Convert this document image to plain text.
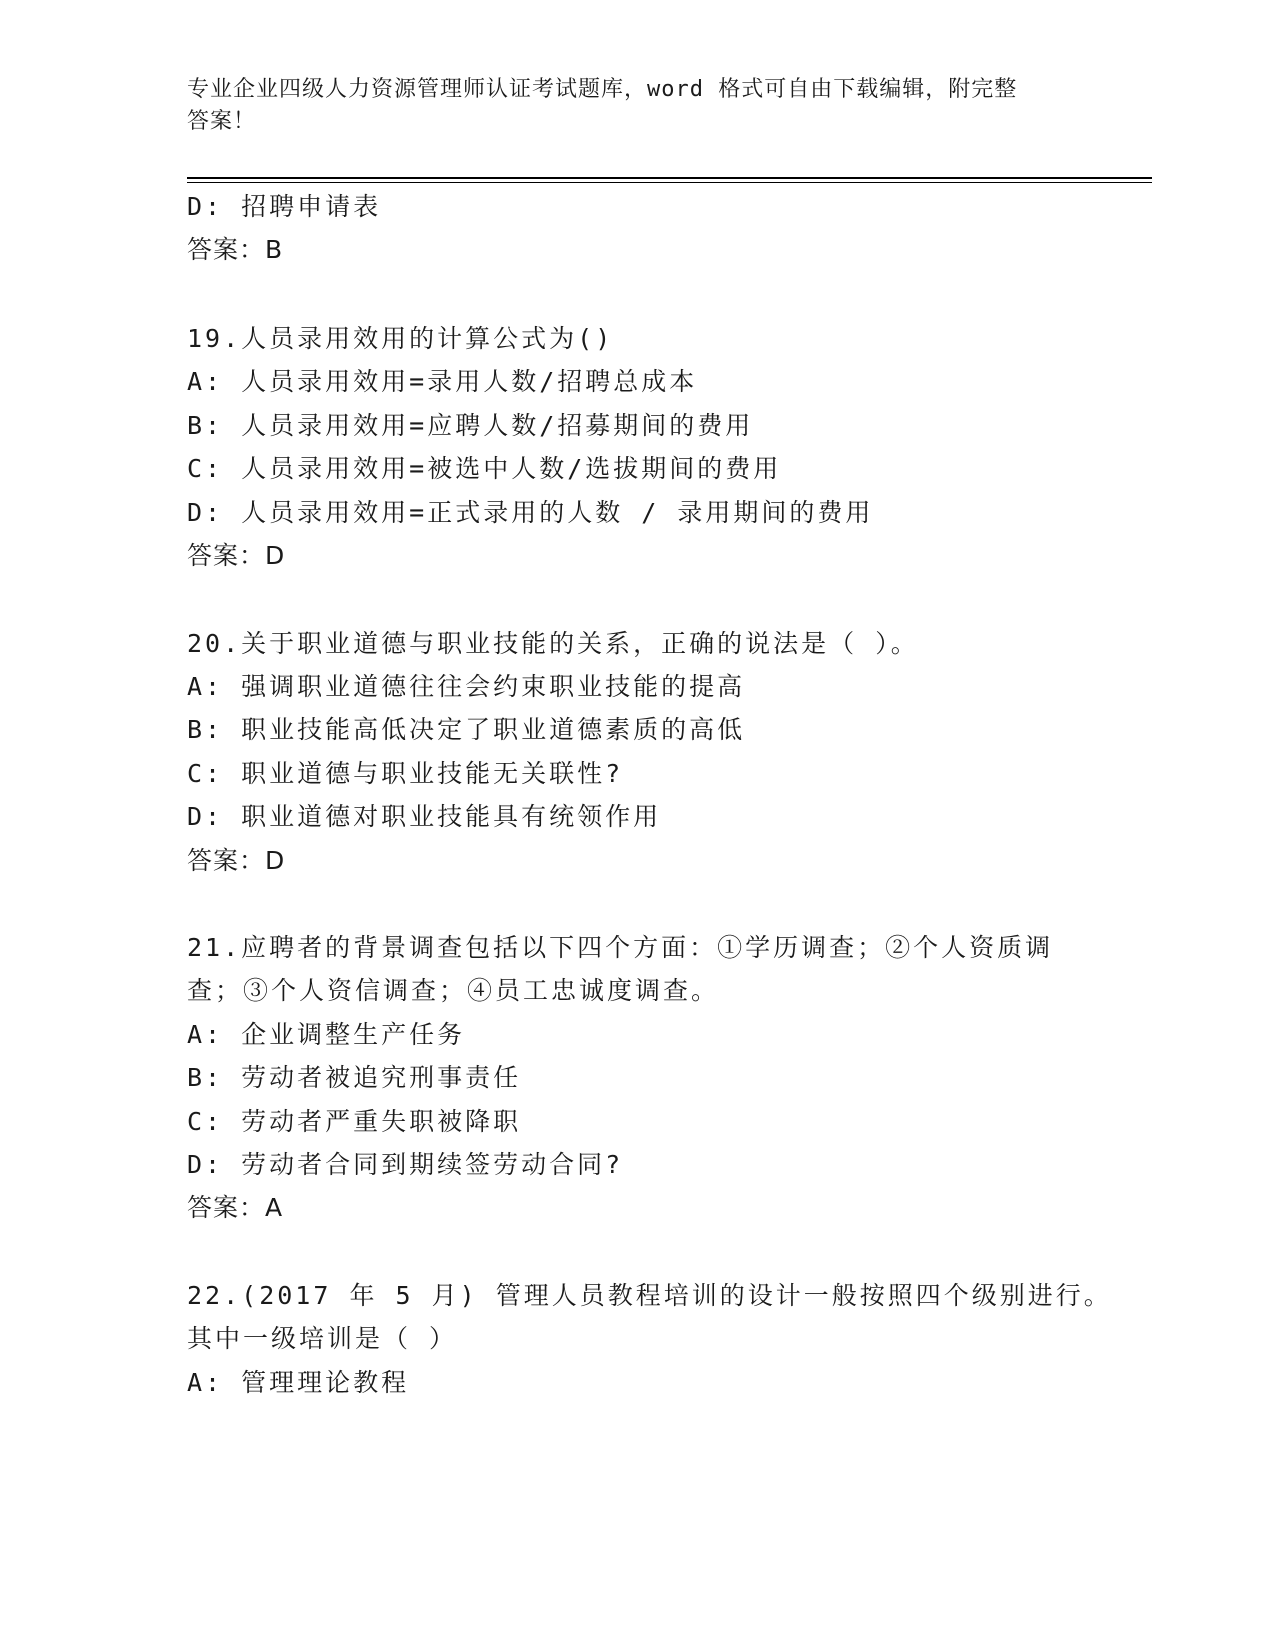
专业企业四级人力资源管理师认证考试题库，word 格式可自由下载编辑，附完整
答案！
D: 招聘申请表
答案：B
19.人员录用效用的计算公式为()
A: 人员录用效用=录用人数/招聘总成本
B: 人员录用效用=应聘人数/招募期间的费用
C: 人员录用效用=被选中人数/选拔期间的费用
D: 人员录用效用=正式录用的人数 / 录用期间的费用
答案：D
20.关于职业道德与职业技能的关系，正确的说法是（ ）。
A: 强调职业道德往往会约束职业技能的提高
B: 职业技能高低决定了职业道德素质的高低
C: 职业道德与职业技能无关联性?
D: 职业道德对职业技能具有统领作用
答案：D
21.应聘者的背景调查包括以下四个方面：①学历调查；②个人资质调
查；③个人资信调查；④员工忠诚度调查。
A: 企业调整生产任务
B: 劳动者被追究刑事责任
C: 劳动者严重失职被降职
D: 劳动者合同到期续签劳动合同?
答案：A
22.(2017 年 5 月) 管理人员教程培训的设计一般按照四个级别进行。
其中一级培训是（ ）
A: 管理理论教程
